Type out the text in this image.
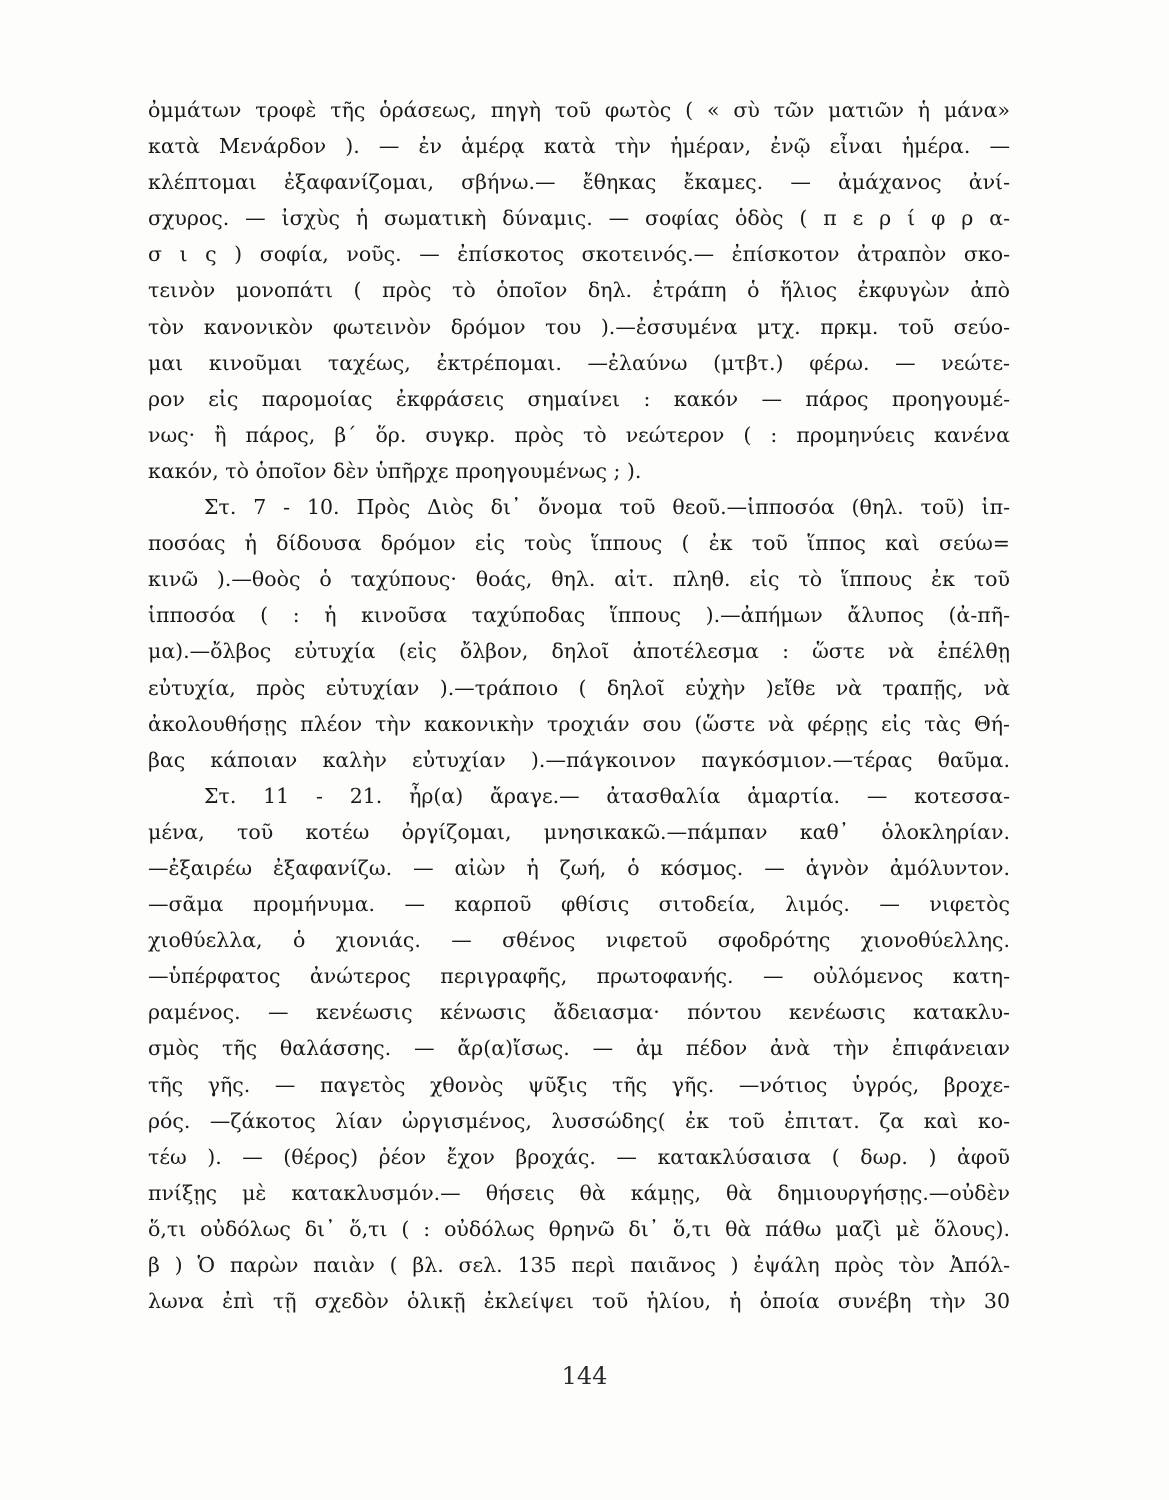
ὀμμάτων τροφὲ τῆς ὁράσεως, πηγὴ τοῦ φωτὸς ( « σὺ τῶν ματιῶν ἡ μάνα»
κατὰ Μενάρδον ). — ἐν ἁμέρᾳ κατὰ τὴν ἡμέραν, ἐνῷ εἶναι ἡμέρα. —
κλέπτομαι ἐξαφανίζομαι, σβήνω.— ἔθηκας ἔκαμες. — ἀμάχανος ἀνί-
σχυρος. — ἰσχὺς ἡ σωματικὴ δύναμις. — σοφίας ὁδὸς ( π ε ρ ί φ ρ α-
σ ι ς ) σοφία, νοῦς. — ἐπίσκοτος σκοτεινός.— ἐπίσκοτον ἀτραπὸν σκο-
τεινὸν μονοπάτι ( πρὸς τὸ ὁποῖον δηλ. ἐτράπη ὁ ἥλιος ἐκφυγὼν ἀπὸ
τὸν κανονικὸν φωτεινὸν δρόμον του ).—ἐσσυμένα μτχ. πρκμ. τοῦ σεύο-
μαι κινοῦμαι ταχέως, ἐκτρέπομαι. —ἐλαύνω (μτβτ.) φέρω. — νεώτε-
ρον εἰς παρομοίας ἐκφράσεις σημαίνει : κακόν — πάρος προηγουμέ-
νως· ἢ πάρος, β΄ ὅρ. συγκρ. πρὸς τὸ νεώτερον ( : προμηνύεις κανένα
κακόν, τὸ ὁποῖον δὲν ὑπῆρχε προηγουμένως ; ).
Στ. 7 - 10. Πρὸς Διὸς δι᾽ ὄνομα τοῦ θεοῦ.—ἱπποσόα (θηλ. τοῦ) ἱπ-
ποσόας ἡ δίδουσα δρόμον εἰς τοὺς ἵππους ( ἐκ τοῦ ἵππος καὶ σεύω=
κινῶ ).—θοὸς ὁ ταχύπους· θοάς, θηλ. αἰτ. πληθ. εἰς τὸ ἵππους ἐκ τοῦ
ἱπποσόα ( : ἡ κινοῦσα ταχύποδας ἵππους ).—ἀπήμων ἄλυπος (ἀ-πῆ-
μα).—ὄλβος εὐτυχία (εἰς ὄλβον, δηλοῖ ἀποτέλεσμα : ὥστε νὰ ἐπέλθῃ
εὐτυχία, πρὸς εὐτυχίαν ).—τράποιο ( δηλοῖ εὐχὴν )εἴθε νὰ τραπῇς, νὰ
ἀκολουθήσῃς πλέον τὴν κακονικὴν τροχιάν σου (ὥστε νὰ φέρῃς εἰς τὰς Θή-
βας κάποιαν καλὴν εὐτυχίαν ).—πάγκοινον παγκόσμιον.—τέρας θαῦμα.
Στ. 11 - 21. ἦρ(α) ἄραγε.— ἀτασθαλία ἁμαρτία. — κοτεσσα-
μένα, τοῦ κοτέω ὀργίζομαι, μνησικακῶ.—πάμπαν καθ᾽ ὁλοκληρίαν.
—ἐξαιρέω ἐξαφανίζω. — αἰὼν ἡ ζωή, ὁ κόσμος. — ἁγνὸν ἀμόλυντον.
—σᾶμα προμήνυμα. — καρποῦ φθίσις σιτοδεία, λιμός. — νιφετὸς
χιοθύελλα, ὁ χιονιάς. — σθένος νιφετοῦ σφοδρότης χιονοθύελλης.
—ὑπέρφατος ἀνώτερος περιγραφῆς, πρωτοφανής. — οὐλόμενος κατη-
ραμένος. — κενέωσις κένωσις ἄδειασμα· πόντου κενέωσις κατακλυ-
σμὸς τῆς θαλάσσης. — ἄρ(α)ἴσως. — ἀμ πέδον ἀνὰ τὴν ἐπιφάνειαν
τῆς γῆς. — παγετὸς χθονὸς ψῦξις τῆς γῆς. —νότιος ὑγρός, βροχε-
ρός. —ζάκοτος λίαν ὠργισμένος, λυσσώδης( ἐκ τοῦ ἐπιτατ. ζα καὶ κο-
τέω ). — (θέρος) ῥέον ἔχον βροχάς. — κατακλύσαισα ( δωρ. ) ἀφοῦ
πνίξῃς μὲ κατακλυσμόν.— θήσεις θὰ κάμῃς, θὰ δημιουργήσῃς.—οὐδὲν
ὅ,τι οὐδόλως δι᾽ ὅ,τι ( : οὐδόλως θρηνῶ δι᾽ ὅ,τι θὰ πάθω μαζὶ μὲ ὅλους).
β ) Ὁ παρὼν παιὰν ( βλ. σελ. 135 περὶ παιᾶνος ) ἐψάλη πρὸς τὸν Ἀπόλ-
λωνα ἐπὶ τῇ σχεδὸν ὁλικῇ ἐκλείψει τοῦ ἡλίου, ἡ ὁποία συνέβη τὴν 30
144
